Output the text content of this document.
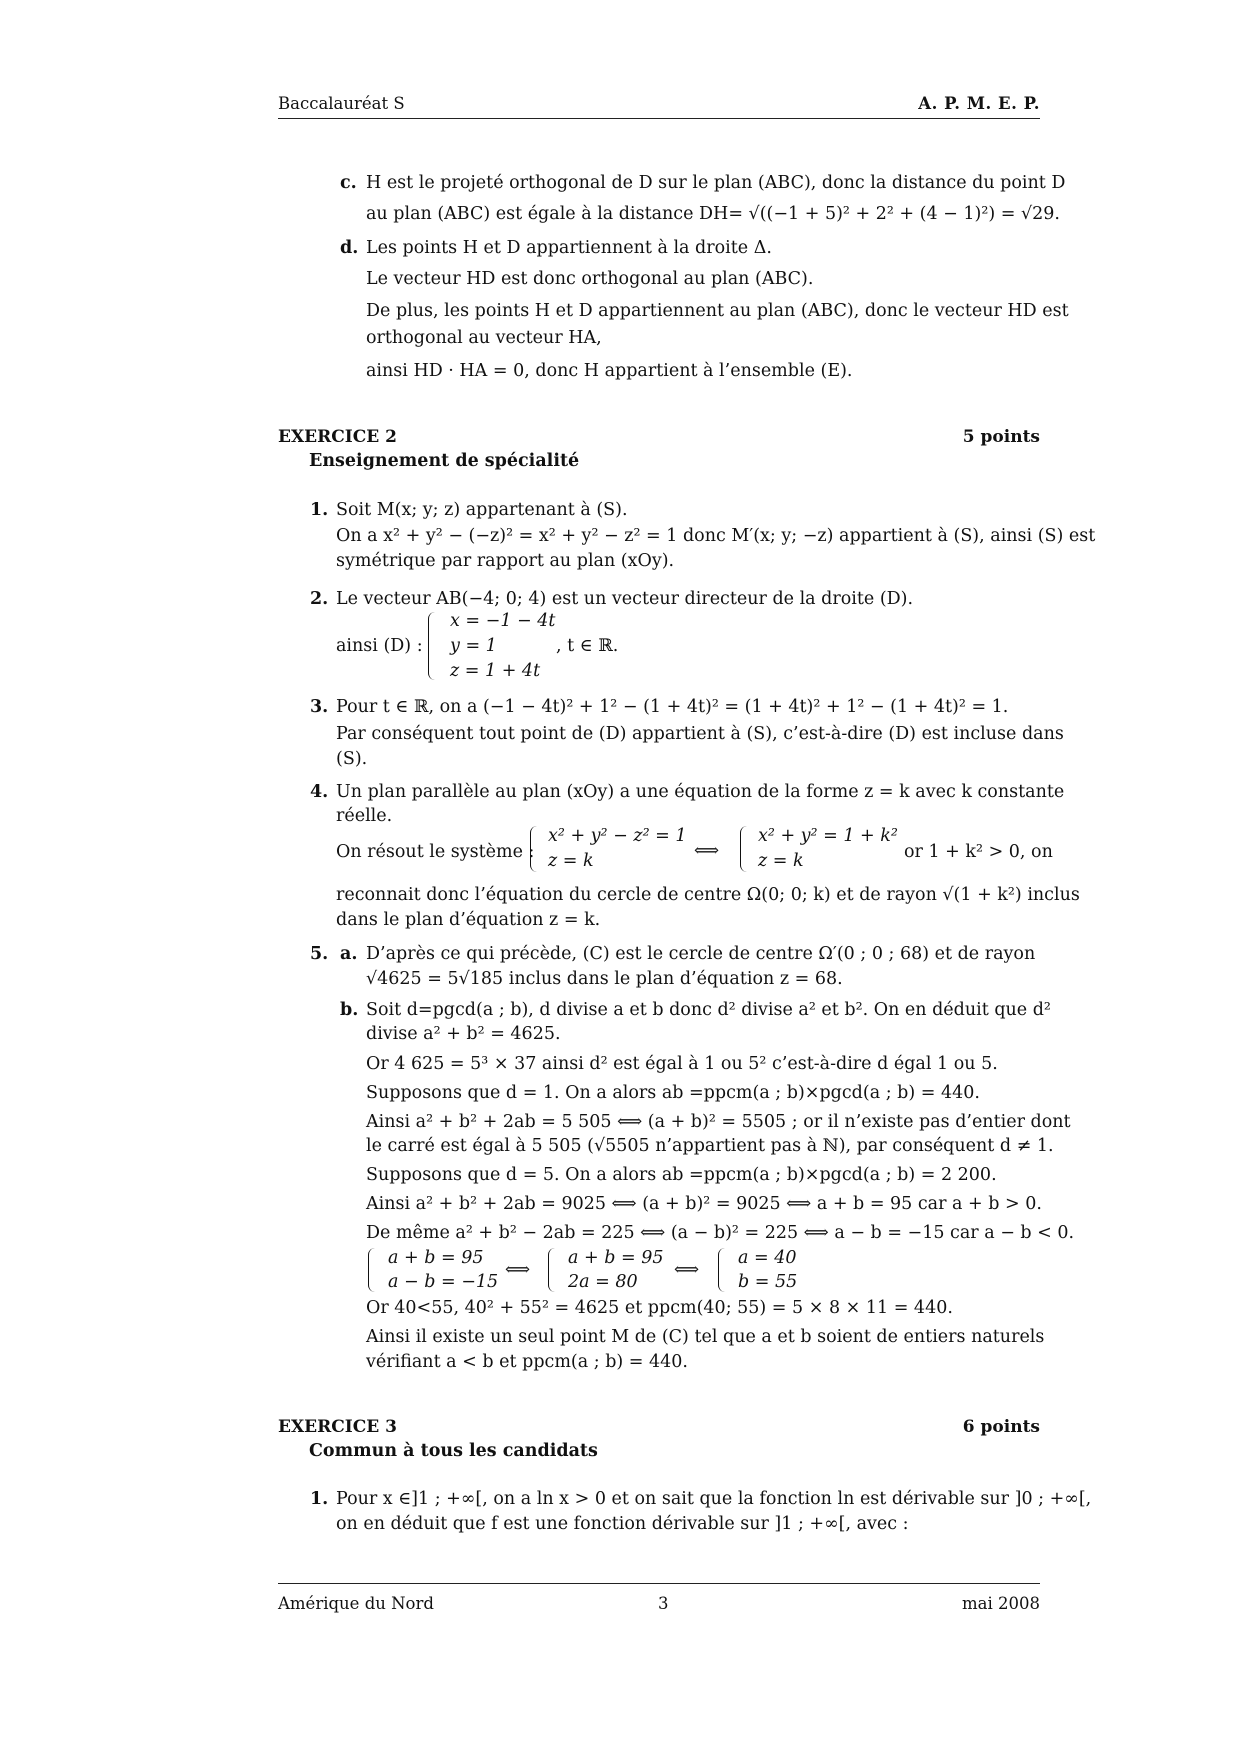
Baccalauréat S	A. P. M. E. P.
c. H est le projeté orthogonal de D sur le plan (ABC), donc la distance du point D
au plan (ABC) est égale à la distance DH= √((−1 + 5)² + 2² + (4 − 1)²) = √29.
d. Les points H et D appartiennent à la droite Δ.
Le vecteur HD est donc orthogonal au plan (ABC).
De plus, les points H et D appartiennent au plan (ABC), donc le vecteur HD est
orthogonal au vecteur HA,
ainsi HD · HA = 0, donc H appartient à l’ensemble (E).
EXERCICE 2	5 points
Enseignement de spécialité
1. Soit M(x; y; z) appartenant à (S).
On a x² + y² − (−z)² = x² + y² − z² = 1 donc M′(x; y; −z) appartient à (S), ainsi (S) est
symétrique par rapport au plan (xOy).
2. Le vecteur AB(−4; 0; 4) est un vecteur directeur de la droite (D).
ainsi (D) :
x = −1 − 4t
y = 1
z = 1 + 4t
, t ∈ ℝ.
3. Pour t ∈ ℝ, on a (−1 − 4t)² + 1² − (1 + 4t)² = (1 + 4t)² + 1² − (1 + 4t)² = 1.
Par conséquent tout point de (D) appartient à (S), c’est-à-dire (D) est incluse dans
(S).
4. Un plan parallèle au plan (xOy) a une équation de la forme z = k avec k constante
réelle.
On résout le système :
x² + y² − z² = 1
z = k	⟺
x² + y² = 1 + k²
z = k	or 1 + k² > 0, on
reconnait donc l’équation du cercle de centre Ω(0; 0; k) et de rayon √(1 + k²) inclus
dans le plan d’équation z = k.
5. a. D’après ce qui précède, (C) est le cercle de centre Ω′(0 ; 0 ; 68) et de rayon
√4625 = 5√185 inclus dans le plan d’équation z = 68.
b. Soit d=pgcd(a ; b), d divise a et b donc d² divise a² et b². On en déduit que d²
divise a² + b² = 4625.
Or 4 625 = 5³ × 37 ainsi d² est égal à 1 ou 5² c’est-à-dire d égal 1 ou 5.
Supposons que d = 1. On a alors ab =ppcm(a ; b)×pgcd(a ; b) = 440.
Ainsi a² + b² + 2ab = 5 505 ⟺ (a + b)² = 5505 ; or il n’existe pas d’entier dont
le carré est égal à 5 505 (√5505 n’appartient pas à ℕ), par conséquent d ≠ 1.
Supposons que d = 5. On a alors ab =ppcm(a ; b)×pgcd(a ; b) = 2 200.
Ainsi a² + b² + 2ab = 9025 ⟺ (a + b)² = 9025 ⟺ a + b = 95 car a + b > 0.
De même a² + b² − 2ab = 225 ⟺ (a − b)² = 225 ⟺ a − b = −15 car a − b < 0.
a + b = 95
a − b = −15
⟺
a + b = 95
2a = 80
⟺
a = 40
b = 55
Or 40<55, 40² + 55² = 4625 et ppcm(40; 55) = 5 × 8 × 11 = 440.
Ainsi il existe un seul point M de (C) tel que a et b soient de entiers naturels
vérifiant a < b et ppcm(a ; b) = 440.
EXERCICE 3	6 points
Commun à tous les candidats
1. Pour x ∈]1 ; +∞[, on a ln x > 0 et on sait que la fonction ln est dérivable sur ]0 ; +∞[,
on en déduit que f est une fonction dérivable sur ]1 ; +∞[, avec :
Amérique du Nord	3	mai 2008
